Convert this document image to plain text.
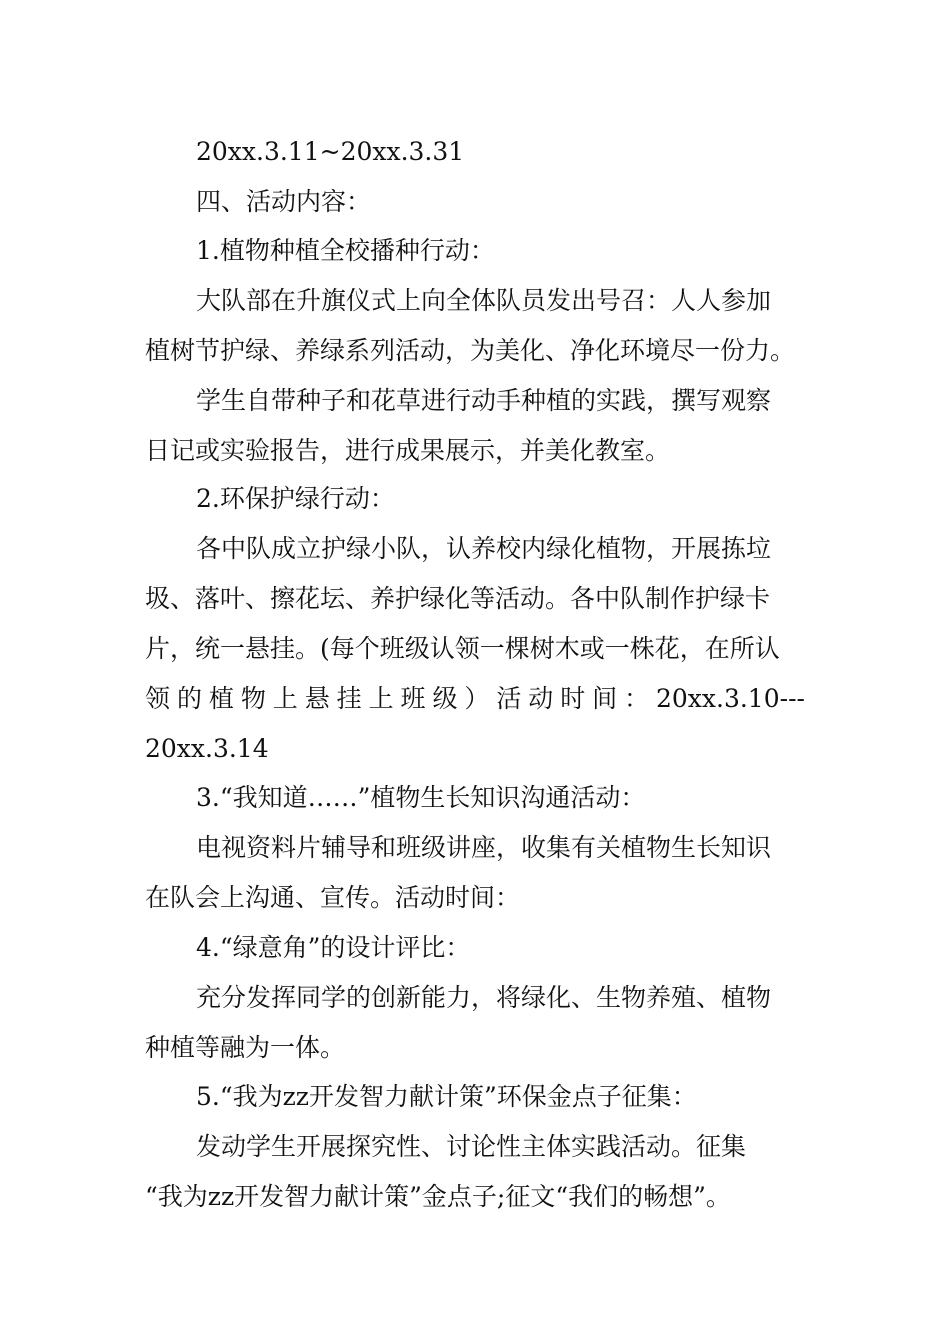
20xx.3.11~20xx.3.31
四、活动内容：
1.植物种植全校播种行动：
大队部在升旗仪式上向全体队员发出号召：人人参加
植树节护绿、养绿系列活动，为美化、净化环境尽一份力。
学生自带种子和花草进行动手种植的实践，撰写观察
日记或实验报告，进行成果展示，并美化教室。
2.环保护绿行动：
各中队成立护绿小队，认养校内绿化植物，开展拣垃
圾、落叶、擦花坛、养护绿化等活动。各中队制作护绿卡
片，统一悬挂。(每个班级认领一棵树木或一株花，在所认
领 的 植 物 上 悬 挂 上 班 级 ） 活 动 时 间 ： 20xx.3.10---
20xx.3.14
3.“我知道……”植物生长知识沟通活动：
电视资料片辅导和班级讲座，收集有关植物生长知识
在队会上沟通、宣传。活动时间：
4.“绿意角”的设计评比：
充分发挥同学的创新能力，将绿化、生物养殖、植物
种植等融为一体。
5.“我为zz开发智力献计策”环保金点子征集：
发动学生开展探究性、讨论性主体实践活动。征集
“我为zz开发智力献计策”金点子;征文“我们的畅想”。
